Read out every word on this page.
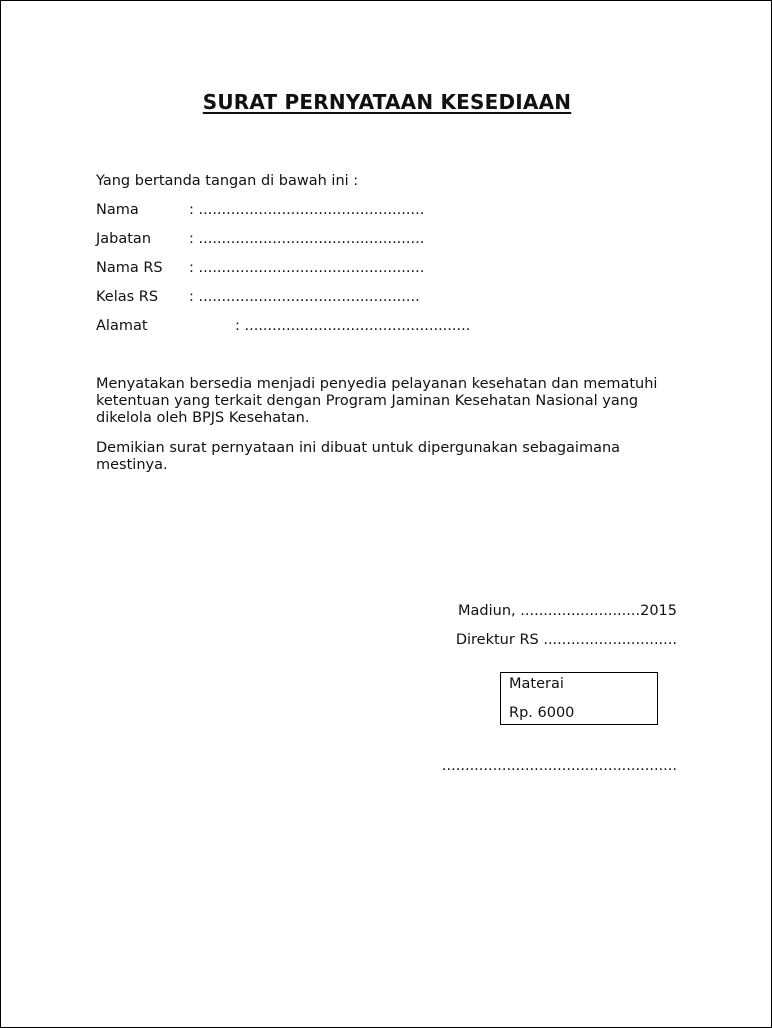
SURAT PERNYATAAN KESEDIAAN
Yang bertanda tangan di bawah ini :
Nama	: .................................................
Jabatan	: .................................................
Nama RS : .................................................
Kelas RS : ................................................
Alamat	: .................................................
Menyatakan bersedia menjadi penyedia pelayanan kesehatan dan mematuhi ketentuan yang terkait dengan Program Jaminan Kesehatan Nasional yang dikelola oleh BPJS Kesehatan.
Demikian surat pernyataan ini dibuat untuk dipergunakan sebagaimana mestinya.
Madiun, ..........................2015
Direktur RS .............................
Materai
Rp. 6000
...................................................
